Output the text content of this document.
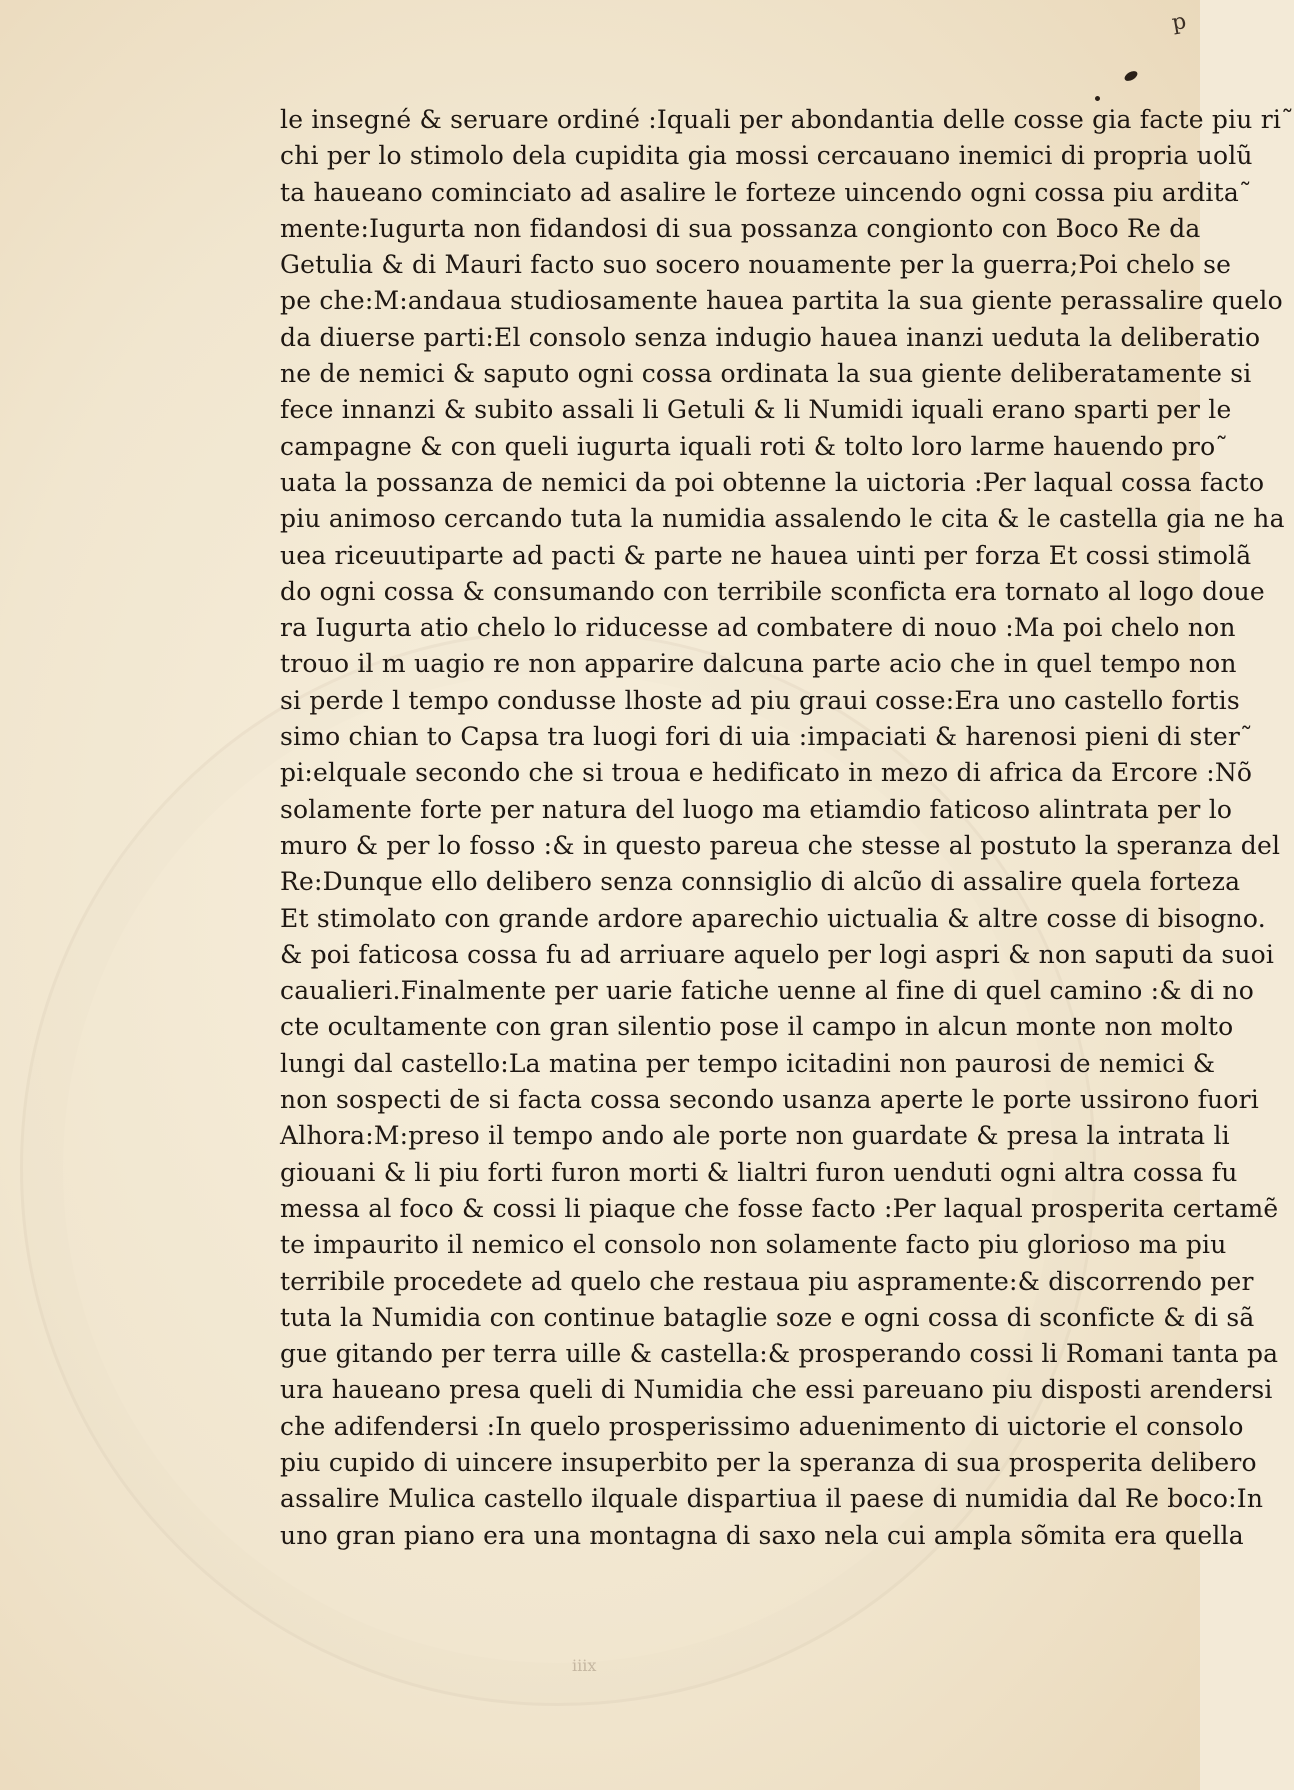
p
le insegné & seruare ordiné :Iquali per abondantia delle cosse gia facte piu ri˜
chi per lo stimolo dela cupidita gia mossi cercauano inemici di propria uolũ
ta haueano cominciato ad asalire le forteze uincendo ogni cossa piu ardita˜
mente:Iugurta non fidandosi di sua possanza congionto con Boco Re da
Getulia & di Mauri facto suo socero nouamente per la guerra;Poi chelo se
pe che:M:andaua studiosamente hauea partita la sua giente perassalire quelo
da diuerse parti:El consolo senza indugio hauea inanzi ueduta la deliberatio
ne de nemici & saputo ogni cossa ordinata la sua giente deliberatamente si
fece innanzi & subito assali li Getuli & li Numidi iquali erano sparti per le
campagne & con queli iugurta iquali roti & tolto loro larme hauendo pro˜
uata la possanza de nemici da poi obtenne la uictoria :Per laqual cossa facto
piu animoso cercando tuta la numidia assalendo le cita & le castella gia ne ha
uea riceuutiparte ad pacti & parte ne hauea uinti per forza Et cossi stimolã
do ogni cossa & consumando con terribile sconficta era tornato al logo doue
ra Iugurta atio chelo lo riducesse ad combatere di nouo :Ma poi chelo non
trouo il m uagio re non apparire dalcuna parte acio che in quel tempo non
si perde l tempo condusse lhoste ad piu graui cosse:Era uno castello fortis
simo chian to Capsa tra luogi fori di uia :impaciati & harenosi pieni di ster˜
pi:elquale secondo che si troua e hedificato in mezo di africa da Ercore :Nõ
solamente forte per natura del luogo ma etiamdio faticoso alintrata per lo
muro & per lo fosso :& in questo pareua che stesse al postuto la speranza del
Re:Dunque ello delibero senza connsiglio di alcũo di assalire quela forteza
Et stimolato con grande ardore aparechio uictualia & altre cosse di bisogno.
& poi faticosa cossa fu ad arriuare aquelo per logi aspri & non saputi da suoi
caualieri.Finalmente per uarie fatiche uenne al fine di quel camino :& di no
cte ocultamente con gran silentio pose il campo in alcun monte non molto
lungi dal castello:La matina per tempo icitadini non paurosi de nemici &
non sospecti de si facta cossa secondo usanza aperte le porte ussirono fuori
Alhora:M:preso il tempo ando ale porte non guardate & presa la intrata li
giouani & li piu forti furon morti & lialtri furon uenduti ogni altra cossa fu
messa al foco & cossi li piaque che fosse facto :Per laqual prosperita certamẽ
te impaurito il nemico el consolo non solamente facto piu glorioso ma piu
terribile procedete ad quelo che restaua piu aspramente:& discorrendo per
tuta la Numidia con continue bataglie soze e ogni cossa di sconficte & di sã
gue gitando per terra uille & castella:& prosperando cossi li Romani tanta pa
ura haueano presa queli di Numidia che essi pareuano piu disposti arendersi
che adifendersi :In quelo prosperissimo aduenimento di uictorie el consolo
piu cupido di uincere insuperbito per la speranza di sua prosperita delibero
assalire Mulica castello ilquale dispartiua il paese di numidia dal Re boco:In
uno gran piano era una montagna di saxo nela cui ampla sõmita era quella
iiix
